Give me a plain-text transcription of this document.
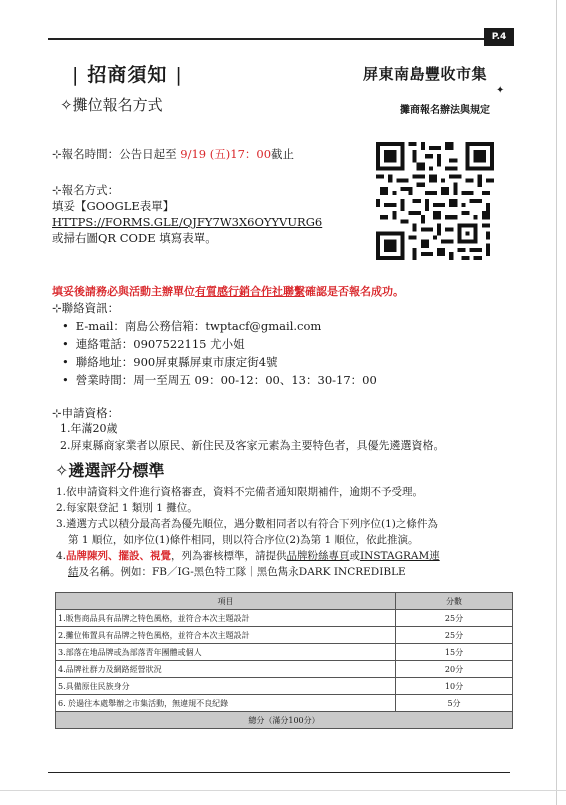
P.4
| 招商須知 |
✧攤位報名方式
屏東南島豐收市集
✦
攤商報名辦法與規定
⊹報名時間：公告日起至 9/19 (五)17：00截止
⊹報名方式：
填妥【GOOGLE表單】
HTTPS://FORMS.GLE/QJFY7W3X6OYYVURG6
或掃右圖QR CODE 填寫表單。
填妥後請務必與活動主辦單位有質感行銷合作社聯繫確認是否報名成功。
⊹聯絡資訊：
• E-mail：南島公務信箱：twptacf@gmail.com
• 連絡電話：0907522115 尤小姐
• 聯絡地址：900屏東縣屏東市康定街4號
• 營業時間：周一至周五 09：00-12：00、13：30-17：00
⊹申請資格：
1.年滿20歲
2.屏東縣商家業者以原民、新住民及客家元素為主要特色者，具優先遴選資格。
✧遴選評分標準
1.依申請資料文件進行資格審查，資料不完備者通知限期補件，逾期不予受理。
2.每家限登記 1 類別 1 攤位。
3.遴選方式以積分最高者為優先順位，遇分數相同者以有符合下列序位(1)之條件為
第 1 順位，如序位(1)條件相同，則以符合序位(2)為第 1 順位，依此推演。
4.品牌陳列、擺設、視覺，列為審核標準，請提供品牌粉絲專頁或INSTAGRAM連
結及名稱。例如：FB／IG-黑色特工隊｜黑色雋永DARK INCREDIBLE
項目	分數
1.販售商品具有品牌之特色風格，並符合本次主題設計	25分
2.攤位佈置具有品牌之特色風格，並符合本次主題設計	25分
3.部落在地品牌或為部落青年團體或個人	15分
4.品牌社群力及網路經營狀況	20分
5.具備原住民族身分	10分
6. 於過往本處舉辦之市集活動，無違規不良紀錄	5分
總分（滿分100分）	
